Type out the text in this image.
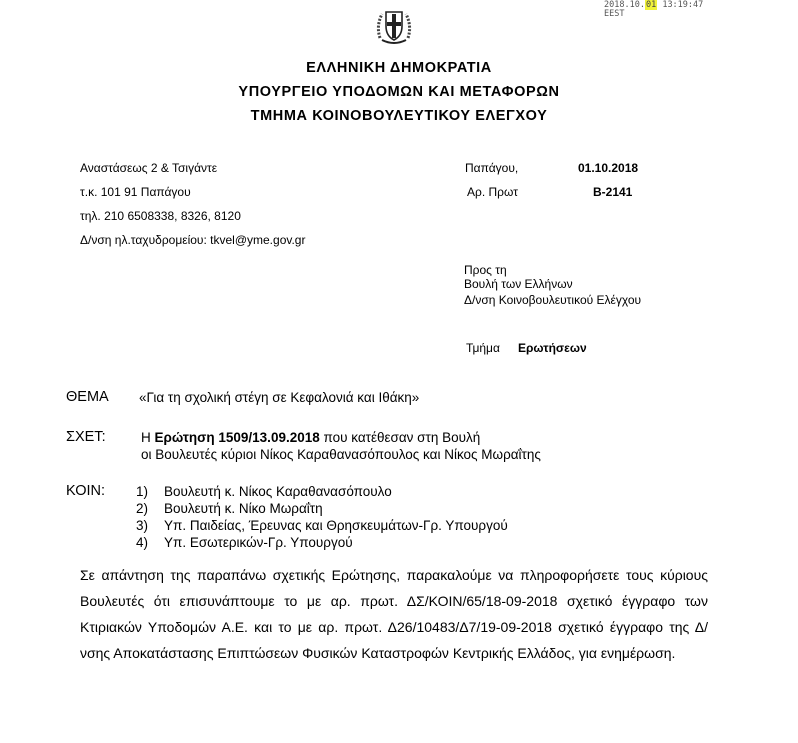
2018.10.01 13:19:47
EEST
ΕΛΛΗΝΙΚΗ ΔΗΜΟΚΡΑΤΙΑ
ΥΠΟΥΡΓΕΙΟ ΥΠΟΔΟΜΩΝ ΚΑΙ ΜΕΤΑΦΟΡΩΝ
ΤΜΗΜΑ ΚΟΙΝΟΒΟΥΛΕΥΤΙΚΟΥ ΕΛΕΓΧΟΥ
Αναστάσεως 2 & Τσιγάντε
τ.κ. 101 91 Παπάγου
τηλ. 210 6508338, 8326, 8120
Δ/νση ηλ.ταχυδρομείου: tkvel@yme.gov.gr
Παπάγου,	01.10.2018
Αρ. Πρωτ	Β-2141
Προς τη
Βουλή των Ελλήνων
Δ/νση Κοινοβουλευτικού Ελέγχου
Τμήμα Ερωτήσεων
ΘΕΜΑ «Για τη σχολική στέγη σε Κεφαλονιά και Ιθάκη»
ΣΧΕΤ:	Η Ερώτηση 1509/13.09.2018 που κατέθεσαν στη Βουλή
οι Βουλευτές κύριοι Νίκος Καραθανασόπουλος και Νίκος Μωραΐτης
ΚΟΙΝ: 1) Βουλευτή κ. Νίκος Καραθανασόπουλο
2) Βουλευτή κ. Νίκο Μωραΐτη
3) Υπ. Παιδείας, Έρευνας και Θρησκευμάτων-Γρ. Υπουργού
4) Υπ. Εσωτερικών-Γρ. Υπουργού
Σε απάντηση της παραπάνω σχετικής Ερώτησης, παρακαλούμε να πληροφορήσετε τους κύριους Βουλευτές ότι επισυνάπτουμε το με αρ. πρωτ. ΔΣ/ΚΟΙΝ/65/18-09-2018 σχετικό έγγραφο των Κτιριακών Υποδομών Α.Ε. και το με αρ. πρωτ. Δ26/10483/Δ7/19-09-2018 σχετικό έγγραφο της Δ/νσης Αποκατάστασης Επιπτώσεων Φυσικών Καταστροφών Κεντρικής Ελλάδος, για ενημέρωση.
